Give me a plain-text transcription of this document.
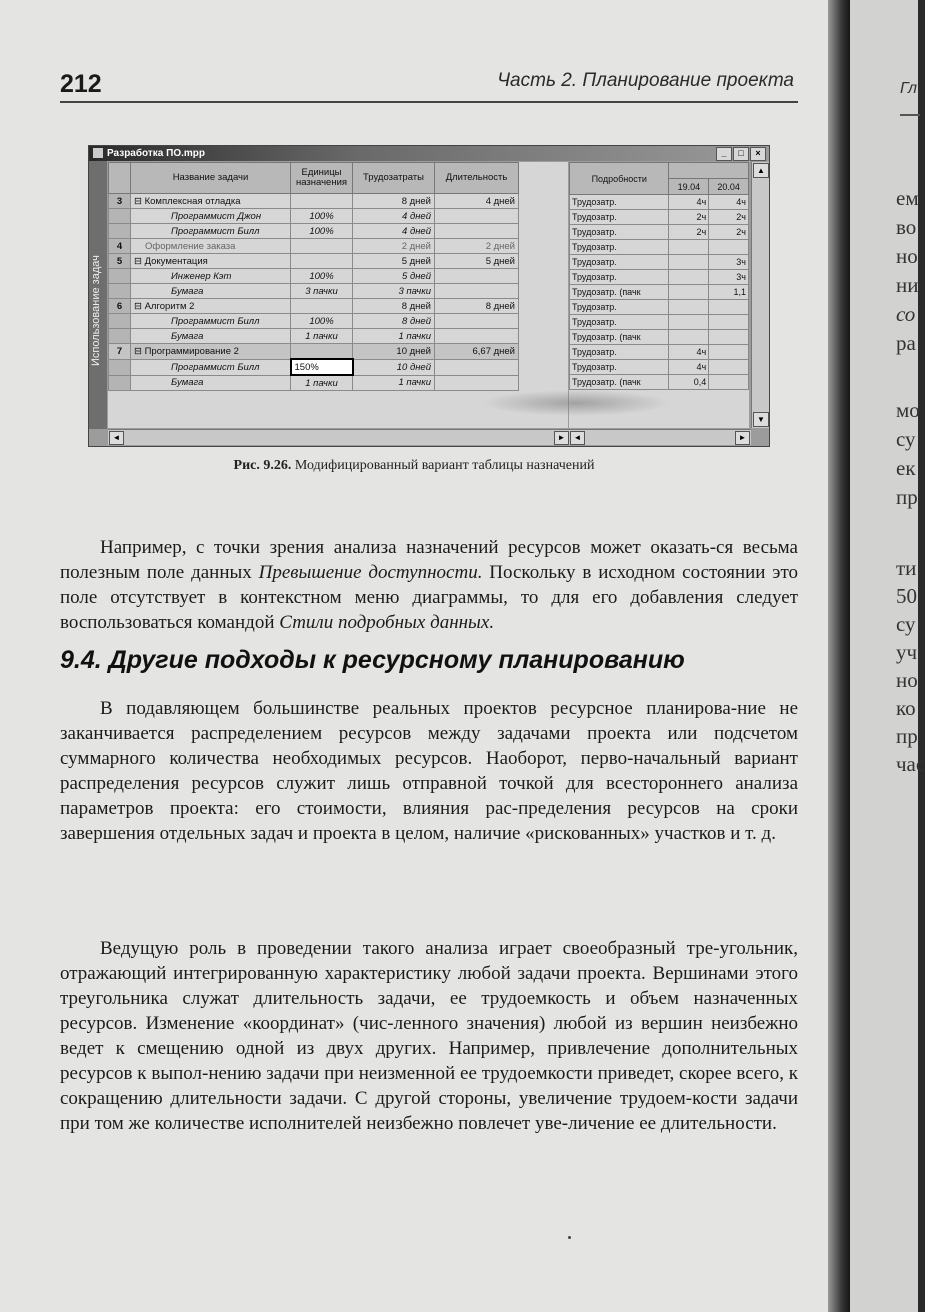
212	Часть 2. Планирование проекта
Разработка ПО.mpp	_	□	×
Использование задач
	Название задачи	Единицы назначения	Трудозатраты	Длительность
3	⊟ Комплексная отладка		8 дней	4 дней
	Программист Джон	100%	4 дней	
	Программист Билл	100%	4 дней	
4	Оформление заказа		2 дней	2 дней
5	⊟ Документация		5 дней	5 дней
	Инженер Кэт	100%	5 дней	
	Бумага	3 пачки	3 пачки	
6	⊟ Алгоритм 2		8 дней	8 дней
	Программист Билл	100%	8 дней	
	Бумага	1 пачки	1 пачки	
7	⊟ Программирование 2		10 дней	6,67 дней
	Программист Билл	150%	10 дней	
	Бумага	1 пачки	1 пачки	
Подробности		
	19.04	20.04
Трудозатр.	4ч	4ч
Трудозатр.	2ч	2ч
Трудозатр.	2ч	2ч
Трудозатр.		
Трудозатр.		3ч
Трудозатр.		3ч
Трудозатр. (пачк		1,1
Трудозатр.		
Трудозатр.		
Трудозатр. (пачк		
Трудозатр.	4ч	
Трудозатр.	4ч	
Трудозатр. (пачк	0,4	
▲
▼
◄	►	◄	►
Рис. 9.26. Модифицированный вариант таблицы назначений
Например, с точки зрения анализа назначений ресурсов может оказать-ся весьма полезным поле данных Превышение доступности. Поскольку в исходном состоянии это поле отсутствует в контекстном меню диаграммы, то для его добавления следует воспользоваться командой Стили подробных данных.
9.4. Другие подходы к ресурсному планированию
В подавляющем большинстве реальных проектов ресурсное планирова-ние не заканчивается распределением ресурсов между задачами проекта или подсчетом суммарного количества необходимых ресурсов. Наоборот, перво-начальный вариант распределения ресурсов служит лишь отправной точкой для всестороннего анализа параметров проекта: его стоимости, влияния рас-пределения ресурсов на сроки завершения отдельных задач и проекта в целом, наличие «рискованных» участков и т. д.
Ведущую роль в проведении такого анализа играет своеобразный тре-угольник, отражающий интегрированную характеристику любой задачи проекта. Вершинами этого треугольника служат длительность задачи, ее трудоемкость и объем назначенных ресурсов. Изменение «координат» (чис-ленного значения) любой из вершин неизбежно ведет к смещению одной из двух других. Например, привлечение дополнительных ресурсов к выпол-нению задачи при неизменной ее трудоемкости приведет, скорее всего, к сокращению длительности задачи. С другой стороны, увеличение трудоем-кости задачи при том же количестве исполнителей неизбежно повлечет уве-личение ее длительности.
Гл
ем
во
но
ни
со
ра
мо
су
ек
пр
ти
50
су
уч
но
ко
пр
час
